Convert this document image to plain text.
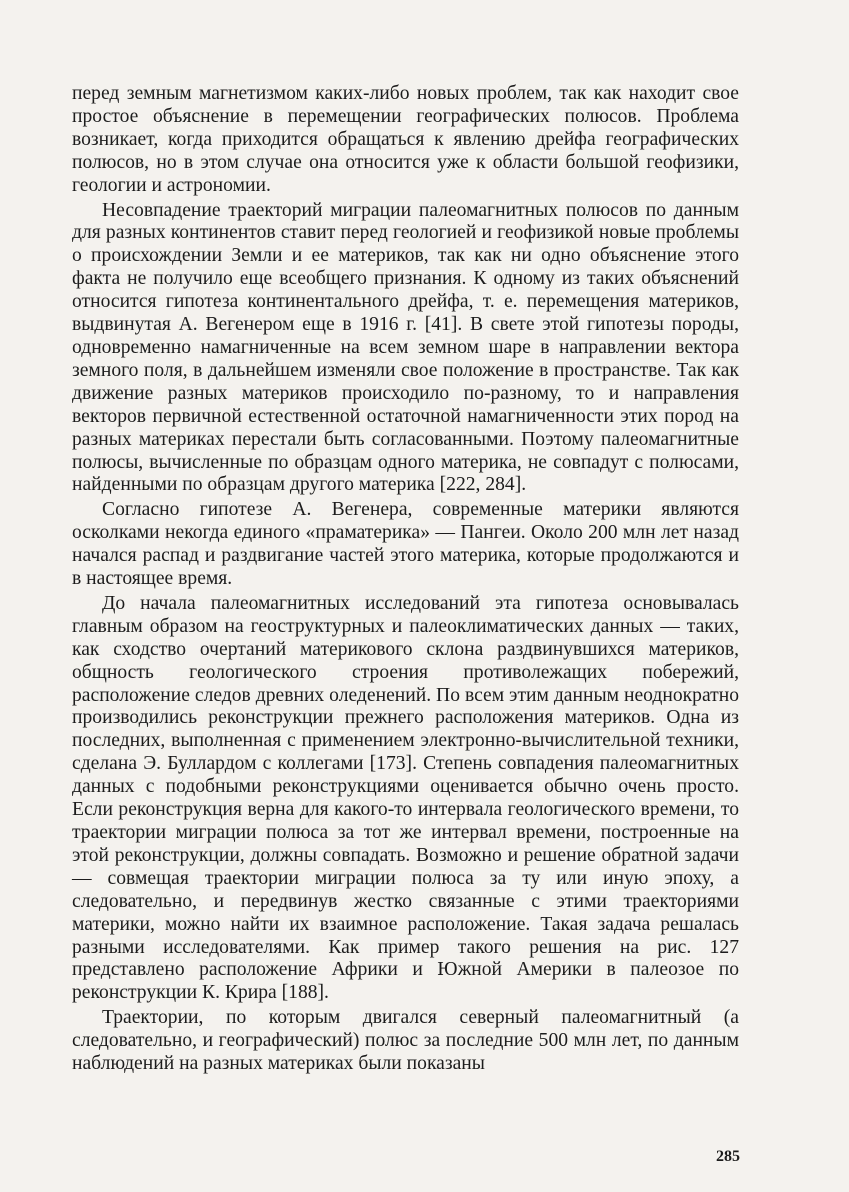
перед земным магнетизмом каких-либо новых проблем, так как находит свое простое объяснение в перемещении географических полюсов. Проблема возникает, когда приходится обращаться к явлению дрейфа географических полюсов, но в этом случае она относится уже к области большой геофизики, геологии и астрономии.

Несовпадение траекторий миграции палеомагнитных полюсов по данным для разных континентов ставит перед геологией и геофизикой новые проблемы о происхождении Земли и ее материков, так как ни одно объяснение этого факта не получило еще всеобщего признания. К одному из таких объяснений относится гипотеза континентального дрейфа, т. е. перемещения материков, выдвинутая А. Вегенером еще в 1916 г. [41]. В свете этой гипотезы породы, одновременно намагниченные на всем земном шаре в направлении вектора земного поля, в дальнейшем изменяли свое положение в пространстве. Так как движение разных материков происходило по-разному, то и направления векторов первичной естественной остаточной намагниченности этих пород на разных материках перестали быть согласованными. Поэтому палеомагнитные полюсы, вычисленные по образцам одного материка, не совпадут с полюсами, найденными по образцам другого материка [222, 284].

Согласно гипотезе А. Вегенера, современные материки являются осколками некогда единого «праматерика» — Пангеи. Около 200 млн лет назад начался распад и раздвигание частей этого материка, которые продолжаются и в настоящее время.

До начала палеомагнитных исследований эта гипотеза основывалась главным образом на геоструктурных и палеоклиматических данных — таких, как сходство очертаний материкового склона раздвинувшихся материков, общность геологического строения противолежащих побережий, расположение следов древних оледенений. По всем этим данным неоднократно производились реконструкции прежнего расположения материков. Одна из последних, выполненная с применением электронно-вычислительной техники, сделана Э. Буллардом с коллегами [173]. Степень совпадения палеомагнитных данных с подобными реконструкциями оценивается обычно очень просто. Если реконструкция верна для какого-то интервала геологического времени, то траектории миграции полюса за тот же интервал времени, построенные на этой реконструкции, должны совпадать. Возможно и решение обратной задачи — совмещая траектории миграции полюса за ту или иную эпоху, а следовательно, и передвинув жестко связанные с этими траекториями материки, можно найти их взаимное расположение. Такая задача решалась разными исследователями. Как пример такого решения на рис. 127 представлено расположение Африки и Южной Америки в палеозое по реконструкции К. Крира [188].

Траектории, по которым двигался северный палеомагнитный (а следовательно, и географический) полюс за последние 500 млн лет, по данным наблюдений на разных материках были показаны

285
